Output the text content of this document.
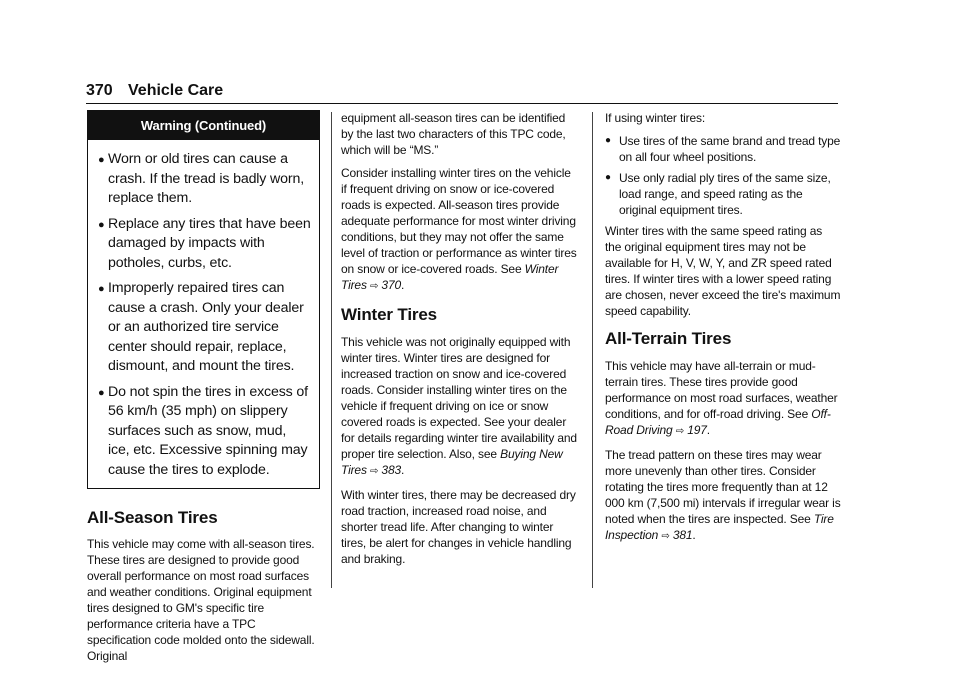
370 Vehicle Care
Warning (Continued)
● Worn or old tires can cause a crash. If the tread is badly worn, replace them.
● Replace any tires that have been damaged by impacts with potholes, curbs, etc.
● Improperly repaired tires can cause a crash. Only your dealer or an authorized tire service center should repair, replace, dismount, and mount the tires.
● Do not spin the tires in excess of 56 km/h (35 mph) on slippery surfaces such as snow, mud, ice, etc. Excessive spinning may cause the tires to explode.
All-Season Tires

This vehicle may come with all-season tires. These tires are designed to provide good overall performance on most road surfaces and weather conditions. Original equipment tires designed to GM's specific tire performance criteria have a TPC specification code molded onto the sidewall. Original

equipment all-season tires can be identified by the last two characters of this TPC code, which will be “MS.”

Consider installing winter tires on the vehicle if frequent driving on snow or ice-covered roads is expected. All-season tires provide adequate performance for most winter driving conditions, but they may not offer the same level of traction or performance as winter tires on snow or ice-covered roads. See Winter Tires ⇨ 370.

Winter Tires

This vehicle was not originally equipped with winter tires. Winter tires are designed for increased traction on snow and ice-covered roads. Consider installing winter tires on the vehicle if frequent driving on ice or snow covered roads is expected. See your dealer for details regarding winter tire availability and proper tire selection. Also, see Buying New Tires ⇨ 383.

With winter tires, there may be decreased dry road traction, increased road noise, and shorter tread life. After changing to winter tires, be alert for changes in vehicle handling and braking.

If using winter tires:

● Use tires of the same brand and tread type on all four wheel positions.
● Use only radial ply tires of the same size, load range, and speed rating as the original equipment tires.

Winter tires with the same speed rating as the original equipment tires may not be available for H, V, W, Y, and ZR speed rated tires. If winter tires with a lower speed rating are chosen, never exceed the tire's maximum speed capability.

All-Terrain Tires

This vehicle may have all-terrain or mud-terrain tires. These tires provide good performance on most road surfaces, weather conditions, and for off-road driving. See Off-Road Driving ⇨ 197.

The tread pattern on these tires may wear more unevenly than other tires. Consider rotating the tires more frequently than at 12 000 km (7,500 mi) intervals if irregular wear is noted when the tires are inspected. See Tire Inspection ⇨ 381.
